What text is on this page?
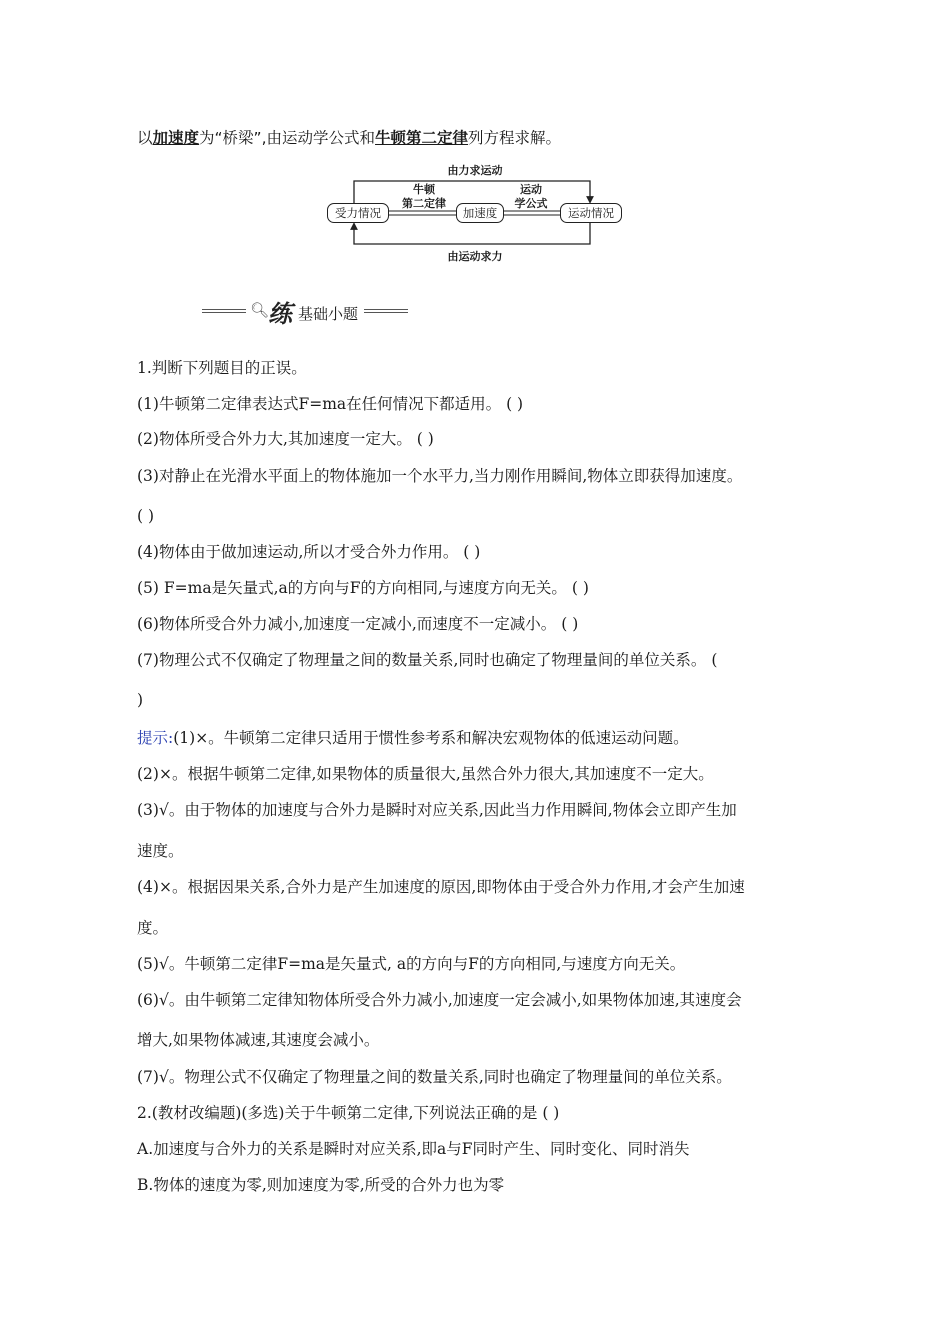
以加速度为“桥梁”,由运动学公式和牛顿第二定律列方程求解。
由力求运动
由运动求力
牛顿
第二定律
运动
学公式
受力情况	加速度	运动情况
🔍︎
练 基础小题
1.判断下列题目的正误。
(1)牛顿第二定律表达式F=ma在任何情况下都适用。 ( )
(2)物体所受合外力大,其加速度一定大。 ( )
(3)对静止在光滑水平面上的物体施加一个水平力,当力刚作用瞬间,物体立即获得加速度。
( )
(4)物体由于做加速运动,所以才受合外力作用。 ( )
(5) F=ma是矢量式,a的方向与F的方向相同,与速度方向无关。 ( )
(6)物体所受合外力减小,加速度一定减小,而速度不一定减小。 ( )
(7)物理公式不仅确定了物理量之间的数量关系,同时也确定了物理量间的单位关系。 (
)
提示:(1)×。牛顿第二定律只适用于惯性参考系和解决宏观物体的低速运动问题。
(2)×。根据牛顿第二定律,如果物体的质量很大,虽然合外力很大,其加速度不一定大。
(3)√。由于物体的加速度与合外力是瞬时对应关系,因此当力作用瞬间,物体会立即产生加
速度。
(4)×。根据因果关系,合外力是产生加速度的原因,即物体由于受合外力作用,才会产生加速
度。
(5)√。牛顿第二定律F=ma是矢量式, a的方向与F的方向相同,与速度方向无关。
(6)√。由牛顿第二定律知物体所受合外力减小,加速度一定会减小,如果物体加速,其速度会
增大,如果物体减速,其速度会减小。
(7)√。物理公式不仅确定了物理量之间的数量关系,同时也确定了物理量间的单位关系。
2.(教材改编题)(多选)关于牛顿第二定律,下列说法正确的是 ( )
A.加速度与合外力的关系是瞬时对应关系,即a与F同时产生、同时变化、同时消失
B.物体的速度为零,则加速度为零,所受的合外力也为零
